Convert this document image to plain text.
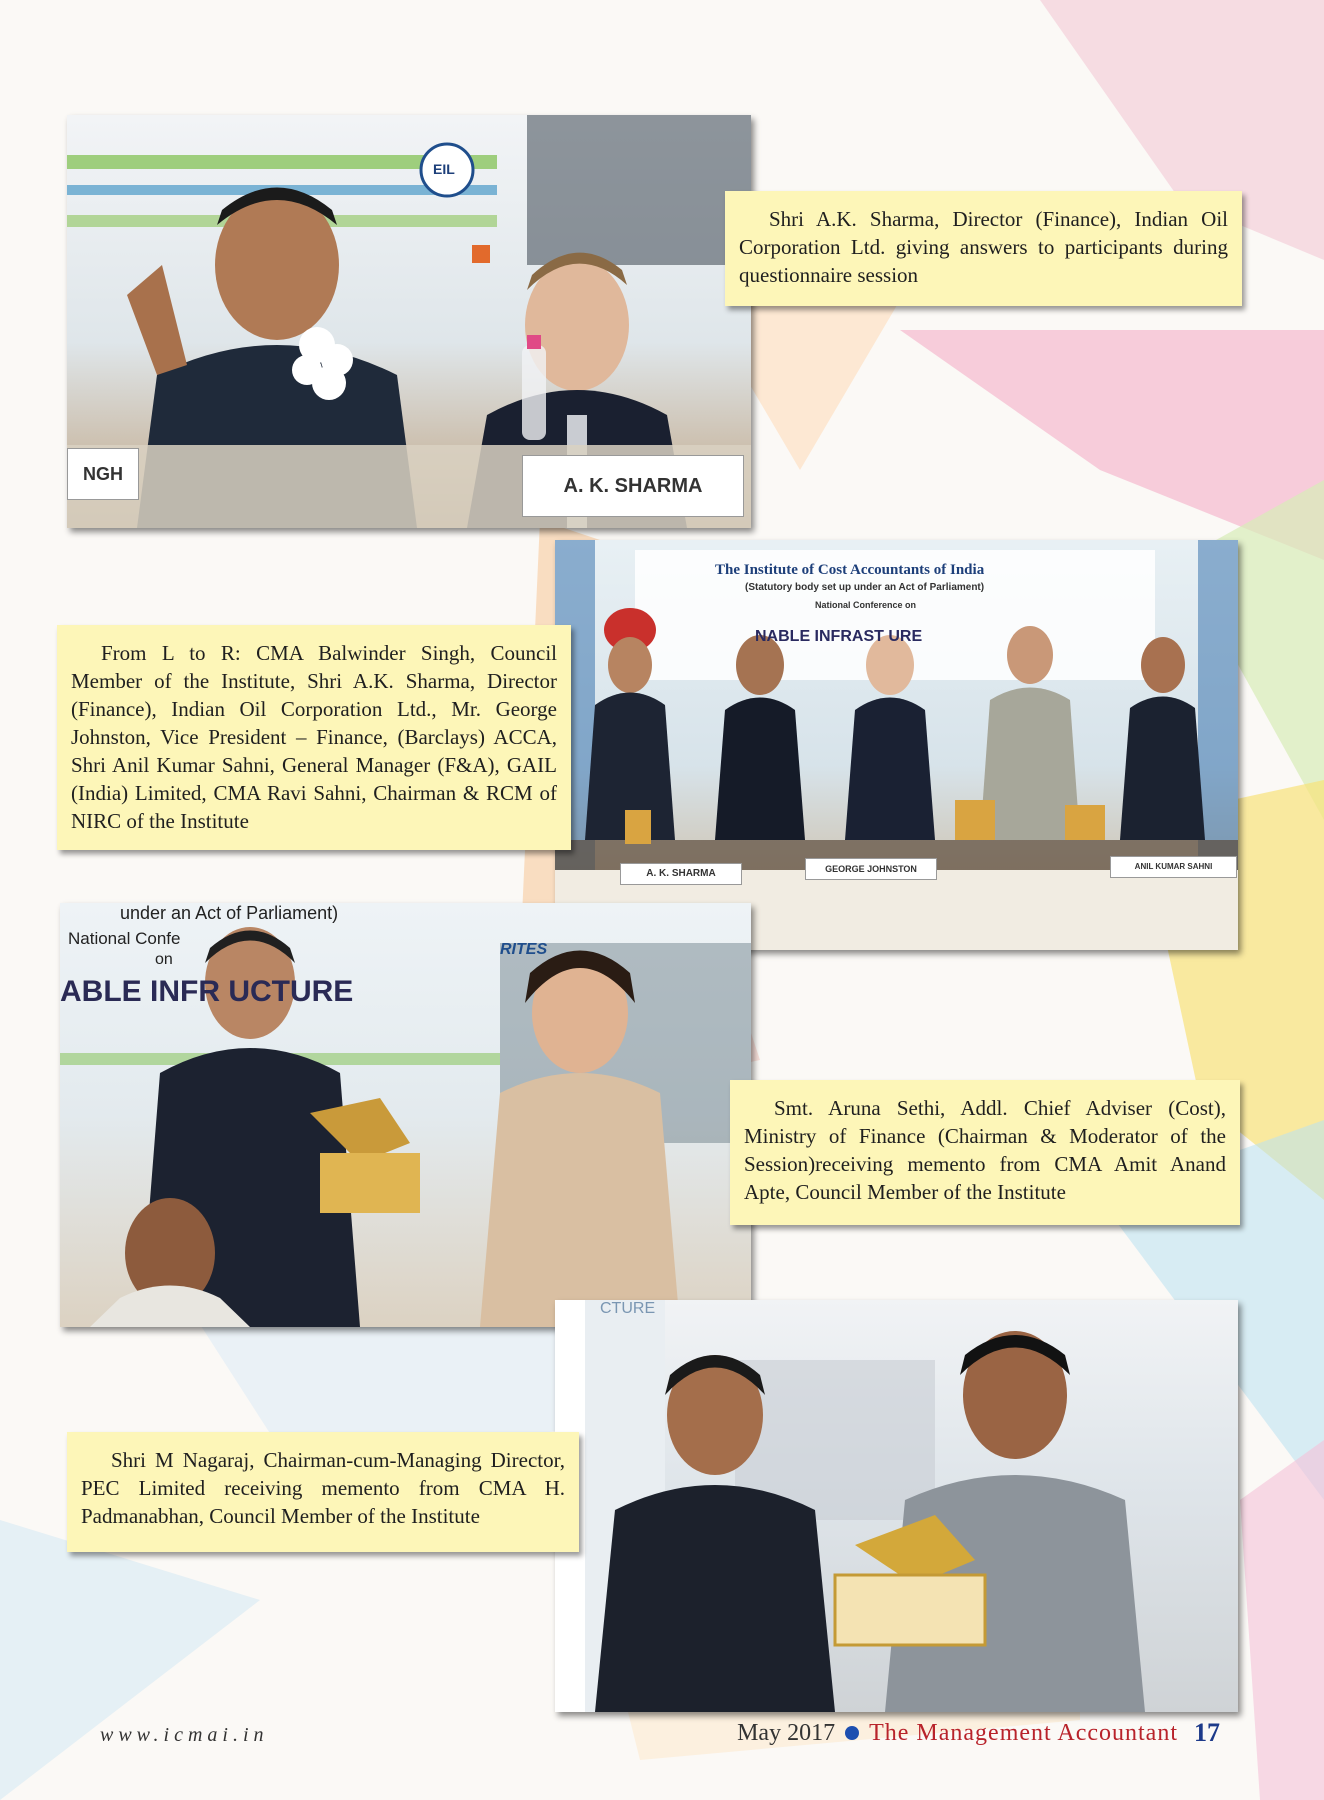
NGH
A. K. SHARMA
EIL
Shri A.K. Sharma, Director (Finance), Indian Oil Corporation Ltd. giving answers to participants during questionnaire session
The Institute of Cost Accountants of India
(Statutory body set up under an Act of Parliament)
National Conference on
NABLE INFRAST URE
A. K. SHARMA	GEORGE JOHNSTON	ANIL KUMAR SAHNI
From L to R: CMA Balwinder Singh, Council Member of the Institute, Shri A.K. Sharma, Director (Finance), Indian Oil Corporation Ltd., Mr. George Johnston, Vice President – Finance, (Barclays) ACCA, Shri Anil Kumar Sahni, General Manager (F&A), GAIL (India) Limited, CMA Ravi Sahni, Chairman & RCM of NIRC of the Institute
under an Act of Parliament)
National Confe
on
ABLE INFR UCTURE
RITES
Smt. Aruna Sethi, Addl. Chief Adviser (Cost), Ministry of Finance (Chairman & Moderator of the Session)receiving memento from CMA Amit Anand Apte, Council Member of the Institute
CTURE
Shri M Nagaraj, Chairman-cum-Managing Director, PEC Limited receiving memento from CMA H. Padmanabhan, Council Member of the Institute
www.icmai.in	May 2017 The Management Accountant 17
